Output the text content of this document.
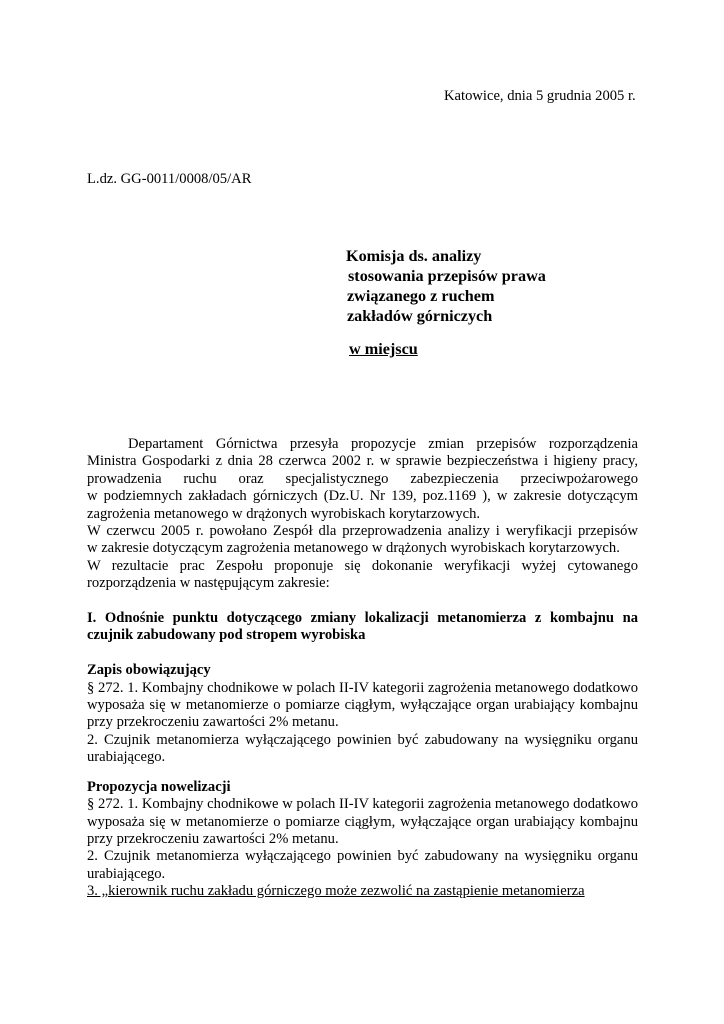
Katowice, dnia 5 grudnia 2005 r.
L.dz. GG-0011/0008/05/AR
Komisja ds. analizy
stosowania przepisów prawa
związanego z ruchem
zakładów górniczych
w miejscu

Departament Górnictwa przesyła propozycje zmian przepisów rozporządzenia

Ministra Gospodarki z dnia 28 czerwca 2002 r. w sprawie bezpieczeństwa i higieny pracy,

prowadzenia ruchu oraz specjalistycznego zabezpieczenia przeciwpożarowego

w podziemnych zakładach górniczych (Dz.U. Nr 139, poz.1169 ), w zakresie dotyczącym

zagrożenia metanowego w drążonych wyrobiskach korytarzowych.

W czerwcu 2005 r. powołano Zespół dla przeprowadzenia analizy i weryfikacji przepisów

w zakresie dotyczącym zagrożenia metanowego w drążonych wyrobiskach korytarzowych.

W rezultacie prac Zespołu proponuje się dokonanie weryfikacji wyżej cytowanego

rozporządzenia w następującym zakresie:

I. Odnośnie punktu dotyczącego zmiany lokalizacji metanomierza z kombajnu na

czujnik zabudowany pod stropem wyrobiska

Zapis obowiązujący

§ 272. 1. Kombajny chodnikowe w polach II-IV kategorii zagrożenia metanowego dodatkowo

wyposaża się w metanomierze o pomiarze ciągłym, wyłączające organ urabiający kombajnu

przy przekroczeniu zawartości 2% metanu.

2. Czujnik metanomierza wyłączającego powinien być zabudowany na wysięgniku organu

urabiającego.

Propozycja nowelizacji

§ 272. 1. Kombajny chodnikowe w polach II-IV kategorii zagrożenia metanowego dodatkowo

wyposaża się w metanomierze o pomiarze ciągłym, wyłączające organ urabiający kombajnu

przy przekroczeniu zawartości 2% metanu.

2. Czujnik metanomierza wyłączającego powinien być zabudowany na wysięgniku organu

urabiającego.

3. „kierownik ruchu zakładu górniczego może zezwolić na zastąpienie metanomierza
